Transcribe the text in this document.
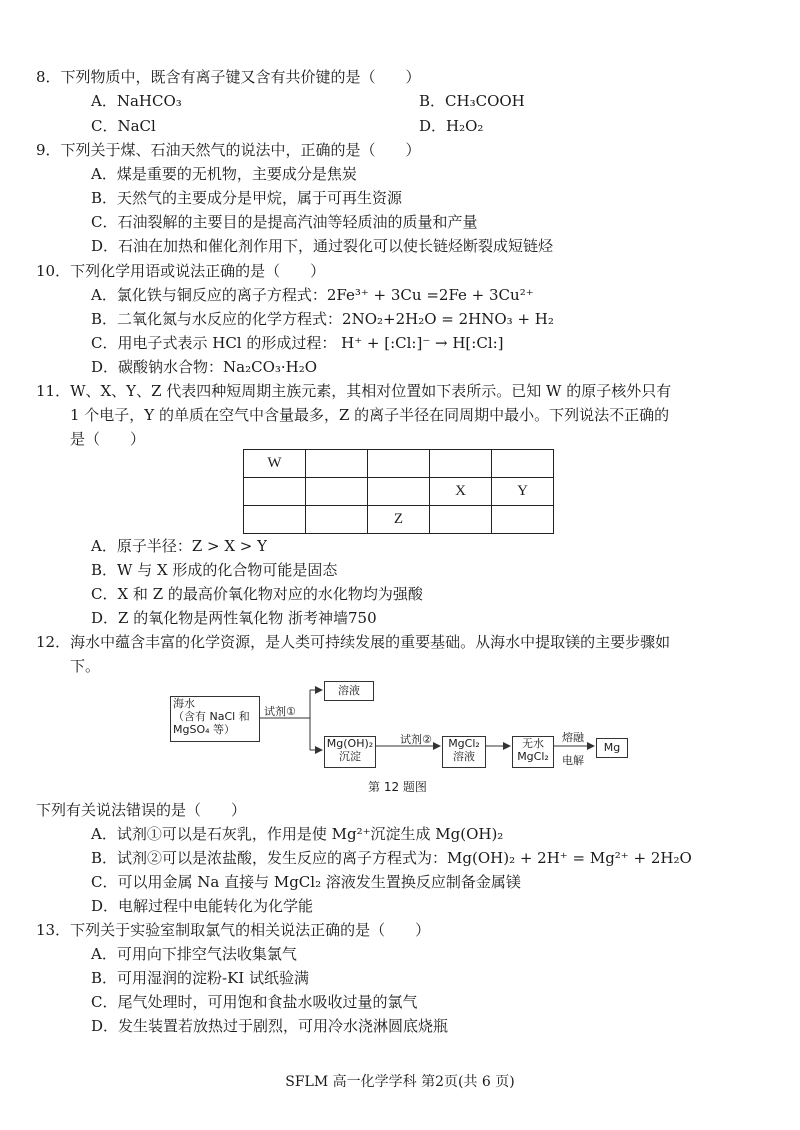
8．下列物质中，既含有离子键又含有共价键的是（　　）
A．NaHCO₃	B．CH₃COOH
C．NaCl	D．H₂O₂
9．下列关于煤、石油天然气的说法中，正确的是（　　）
A．煤是重要的无机物，主要成分是焦炭
B．天然气的主要成分是甲烷，属于可再生资源
C．石油裂解的主要目的是提高汽油等轻质油的质量和产量
D．石油在加热和催化剂作用下，通过裂化可以使长链烃断裂成短链烃
10．下列化学用语或说法正确的是（　　）
A．氯化铁与铜反应的离子方程式：2Fe³⁺ + 3Cu =2Fe + 3Cu²⁺
B．二氧化氮与水反应的化学方程式：2NO₂+2H₂O = 2HNO₃ + H₂
C．用电子式表示 HCl 的形成过程： H⁺ + [:Cl:]⁻ → H[:Cl:]
D．碳酸钠水合物：Na₂CO₃·H₂O
11．W、X、Y、Z 代表四种短周期主族元素，其相对位置如下表所示。已知 W 的原子核外只有
1 个电子，Y 的单质在空气中含量最多，Z 的离子半径在同周期中最小。下列说法不正确的
是（　　）
W				
			X	Y
		Z		
A．原子半径：Z > X > Y
B．W 与 X 形成的化合物可能是固态
C．X 和 Z 的最高价氧化物对应的水化物均为强酸
D．Z 的氧化物是两性氧化物 浙考神墙750
12．海水中蕴含丰富的化学资源，是人类可持续发展的重要基础。从海水中提取镁的主要步骤如
下。
海水
（含有 NaCl 和
MgSO₄ 等）
试剂①
溶液
Mg(OH)₂
沉淀
试剂②	MgCl₂
溶液
无水
MgCl₂
熔融
电解
Mg
第 12 题图
下列有关说法错误的是（　　）
A．试剂①可以是石灰乳，作用是使 Mg²⁺沉淀生成 Mg(OH)₂
B．试剂②可以是浓盐酸，发生反应的离子方程式为：Mg(OH)₂ + 2H⁺ = Mg²⁺ + 2H₂O
C．可以用金属 Na 直接与 MgCl₂ 溶液发生置换反应制备金属镁
D．电解过程中电能转化为化学能
13．下列关于实验室制取氯气的相关说法正确的是（　　）
A．可用向下排空气法收集氯气
B．可用湿润的淀粉-KI 试纸验满
C．尾气处理时，可用饱和食盐水吸收过量的氯气
D．发生装置若放热过于剧烈，可用冷水浇淋圆底烧瓶
SFLM 高一化学学科 第2页(共 6 页)
